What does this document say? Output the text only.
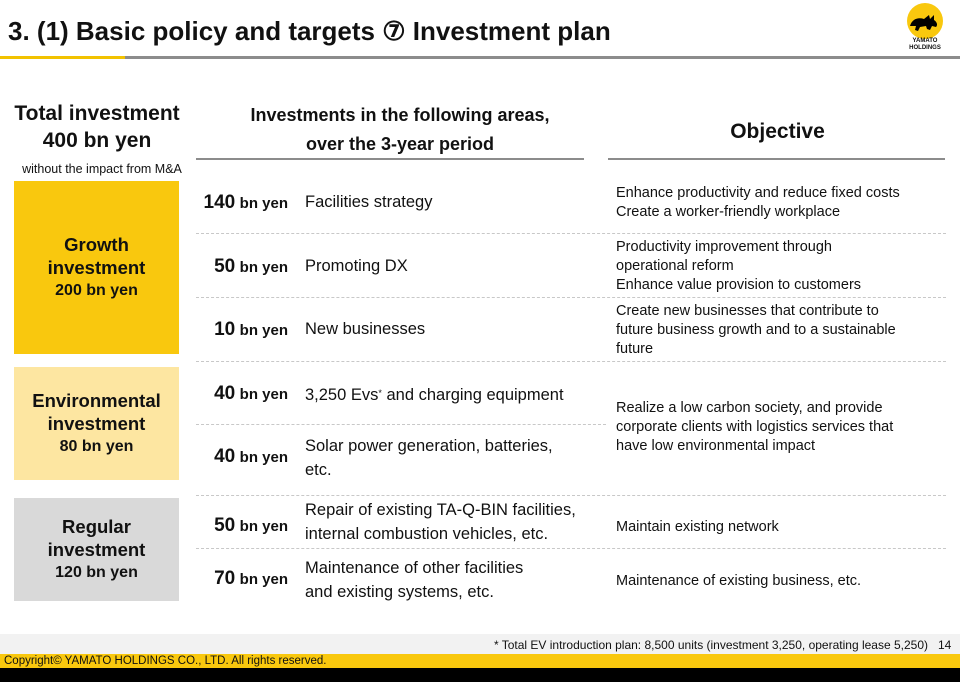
3. (1) Basic policy and targets ⑦ Investment plan	YAMATO
HOLDINGS
Total investment
400 bn yen
without the impact from M&A
Investments in the following areas,
over the 3-year period
Objective
Growth
investment
200 bn yen
Environmental
investment
80 bn yen
Regular
investment
120 bn yen
140 bn yen Facilities strategy
50 bn yen Promoting DX
10 bn yen New businesses
40 bn yen 3,250 Evs* and charging equipment
40 bn yen
Solar power generation, batteries,
etc.
50 bn yen
Repair of existing TA-Q-BIN facilities,
internal combustion vehicles, etc.
70 bn yen
Maintenance of other facilities
and existing systems, etc.
Enhance productivity and reduce fixed costs
Create a worker-friendly workplace
Productivity improvement through
operational reform
Enhance value provision to customers
Create new businesses that contribute to
future business growth and to a sustainable
future
Realize a low carbon society, and provide
corporate clients with logistics services that
have low environmental impact
Maintain existing network
Maintenance of existing business, etc.
* Total EV introduction plan: 8,500 units (investment 3,250, operating lease 5,250) 14
Copyright© YAMATO HOLDINGS CO., LTD. All rights reserved.
